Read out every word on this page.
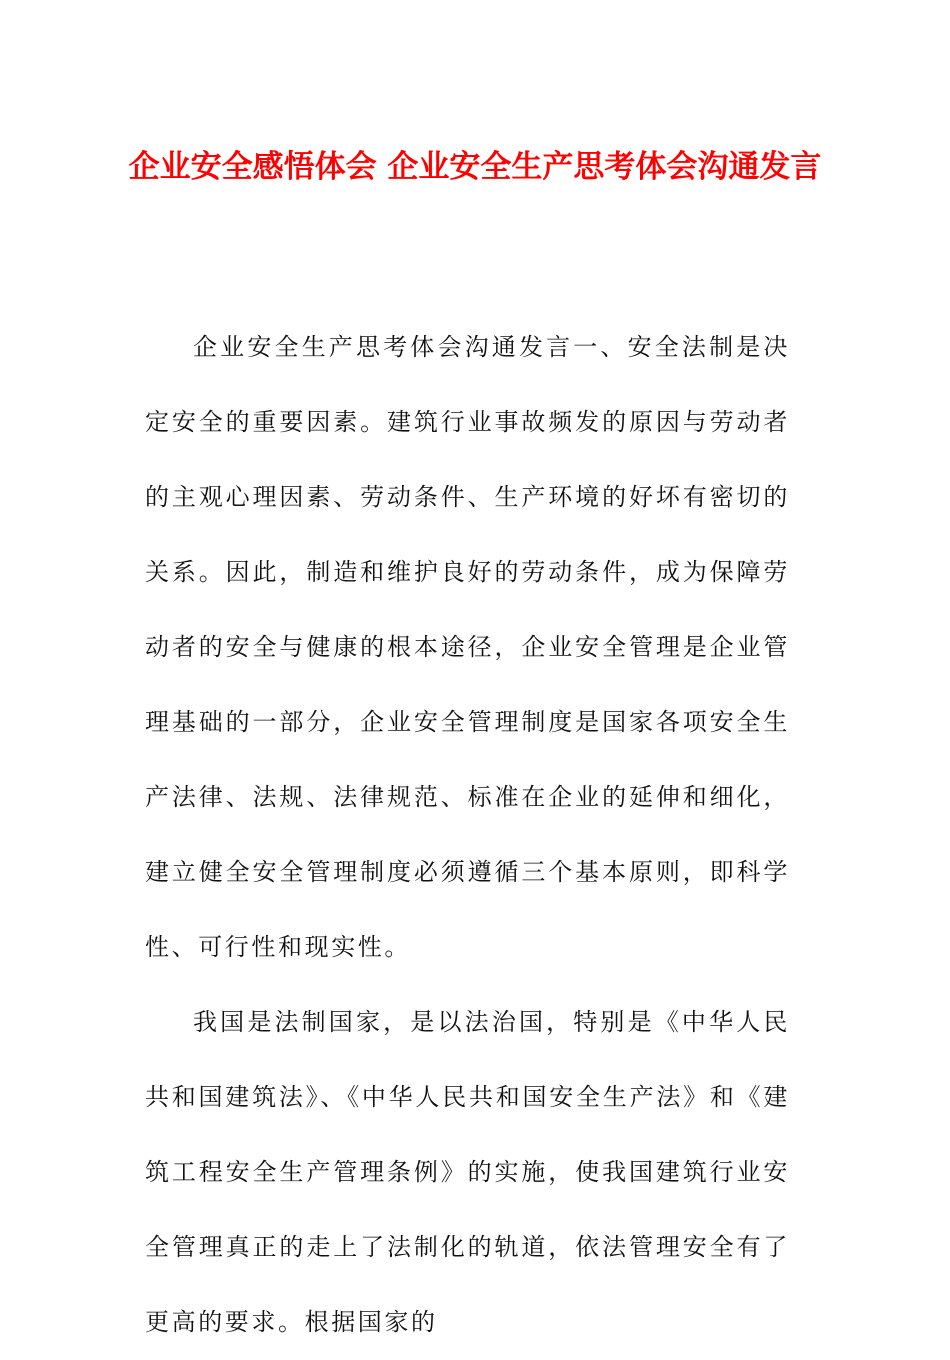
企业安全感悟体会 企业安全生产思考体会沟通发言

企业安全生产思考体会沟通发言一、安全法制是决定安全的重要因素。建筑行业事故频发的原因与劳动者的主观心理因素、劳动条件、生产环境的好坏有密切的关系。因此，制造和维护良好的劳动条件，成为保障劳动者的安全与健康的根本途径，企业安全管理是企业管理基础的一部分，企业安全管理制度是国家各项安全生产法律、法规、法律规范、标准在企业的延伸和细化，建立健全安全管理制度必须遵循三个基本原则，即科学性、可行性和现实性。

我国是法制国家，是以法治国，特别是《中华人民共和国建筑法》、《中华人民共和国安全生产法》和《建筑工程安全生产管理条例》的实施，使我国建筑行业安全管理真正的走上了法制化的轨道，依法管理安全有了更高的要求。根据国家的
